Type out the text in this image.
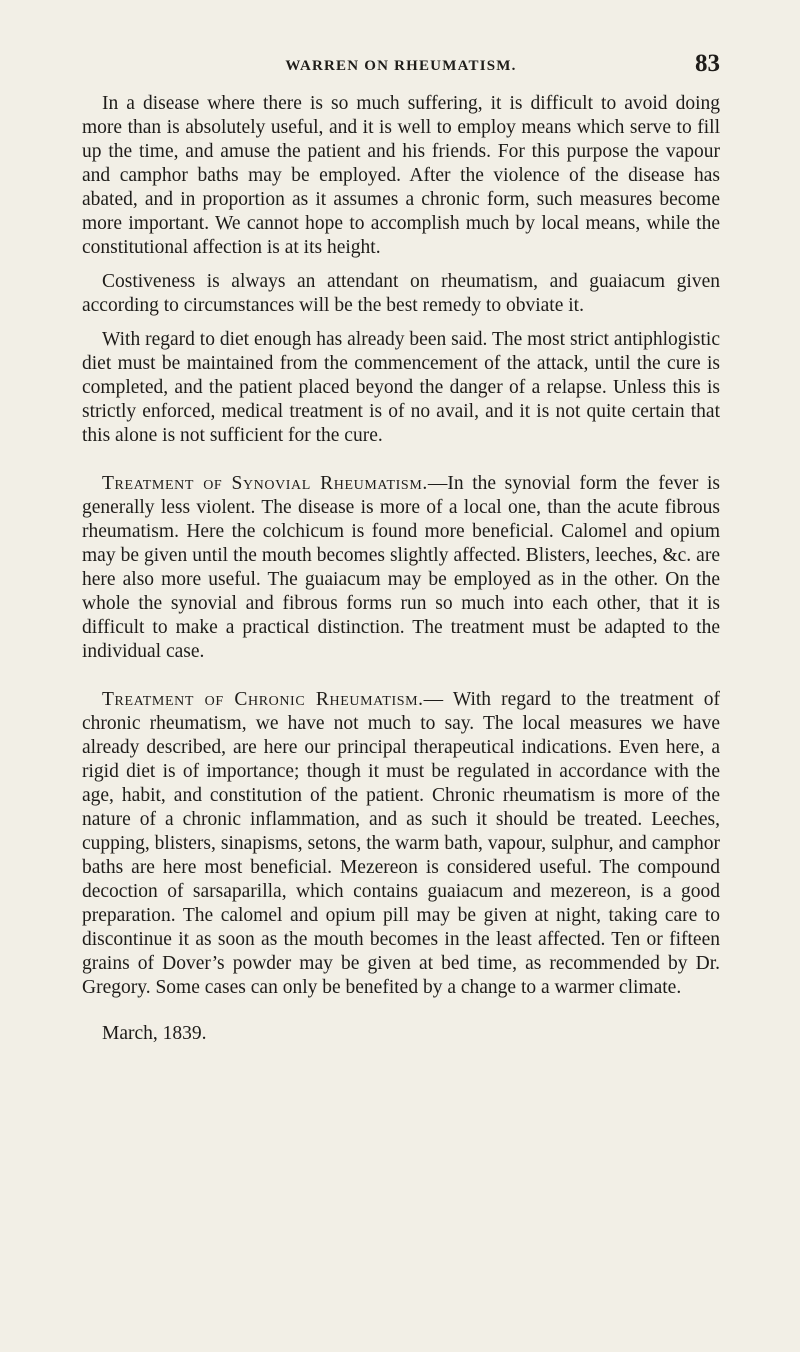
WARREN ON RHEUMATISM.	83

In a disease where there is so much suffering, it is difficult to avoid doing more than is absolutely useful, and it is well to employ means which serve to fill up the time, and amuse the patient and his friends. For this purpose the vapour and camphor baths may be employed. After the violence of the disease has abated, and in proportion as it assumes a chronic form, such measures become more important. We cannot hope to accomplish much by local means, while the constitutional affection is at its height.

Costiveness is always an attendant on rheumatism, and guaiacum given according to circumstances will be the best remedy to obviate it.

With regard to diet enough has already been said. The most strict antiphlogistic diet must be maintained from the commencement of the attack, until the cure is completed, and the patient placed beyond the danger of a relapse. Unless this is strictly enforced, medical treatment is of no avail, and it is not quite certain that this alone is not sufficient for the cure.

Treatment of Synovial Rheumatism.—In the synovial form the fever is generally less violent. The disease is more of a local one, than the acute fibrous rheumatism. Here the colchicum is found more beneficial. Calomel and opium may be given until the mouth becomes slightly affected. Blisters, leeches, &c. are here also more useful. The guaiacum may be employed as in the other. On the whole the synovial and fibrous forms run so much into each other, that it is difficult to make a practical distinction. The treatment must be adapted to the individual case.

Treatment of Chronic Rheumatism.— With regard to the treatment of chronic rheumatism, we have not much to say. The local measures we have already described, are here our principal therapeutical indications. Even here, a rigid diet is of importance; though it must be regulated in accordance with the age, habit, and constitution of the patient. Chronic rheumatism is more of the nature of a chronic inflammation, and as such it should be treated. Leeches, cupping, blisters, sinapisms, setons, the warm bath, vapour, sulphur, and camphor baths are here most beneficial. Mezereon is considered useful. The compound decoction of sarsaparilla, which contains guaiacum and mezereon, is a good preparation. The calomel and opium pill may be given at night, taking care to discontinue it as soon as the mouth becomes in the least affected. Ten or fifteen grains of Dover’s powder may be given at bed time, as recommended by Dr. Gregory. Some cases can only be benefited by a change to a warmer climate.

March, 1839.
